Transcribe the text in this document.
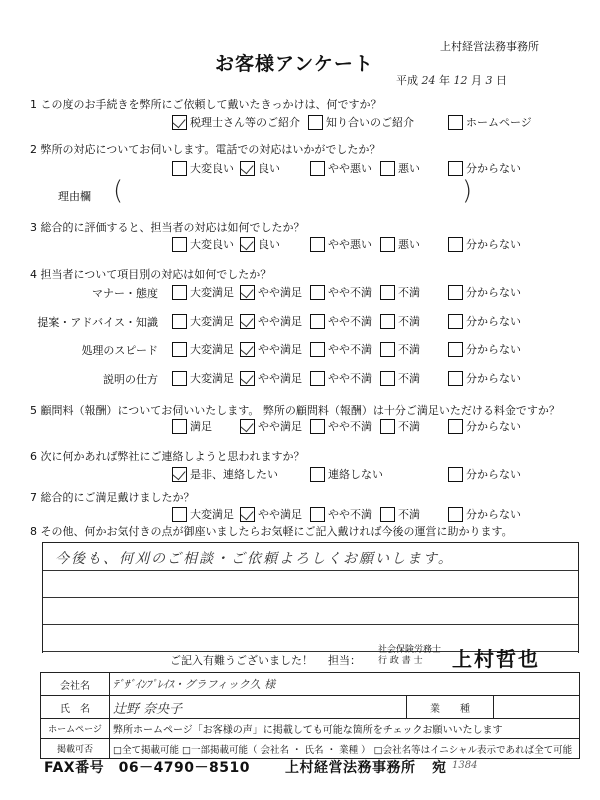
上村経営法務事務所
お客様アンケート
平成 24 年 12 月 3 日
1 この度のお手続きを弊所にご依頼して戴いたきっかけは、何ですか？
税理士さん等のご紹介 知り合いのご紹介	ホームページ
2 弊所の対応についてお伺いします。電話での対応はいかがでしたか？
大変良い 良い	やや悪い 悪い	分からない
理由欄 (	)
3 総合的に評価すると、担当者の対応は如何でしたか？
大変良い 良い	やや悪い 悪い	分からない
4 担当者について項目別の対応は如何でしたか？
マナー・態度	大変満足 やや満足 やや不満 不満	分からない
提案・アドバイス・知識	大変満足 やや満足 やや不満 不満	分からない
処理のスピード	大変満足 やや満足 やや不満 不満	分からない
説明の仕方	大変満足 やや満足 やや不満 不満	分からない
5 顧問料（報酬）についてお伺いいたします。 弊所の顧問料（報酬）は十分ご満足いただける料金ですか？
満足	やや満足 やや不満 不満	分からない
6 次に何かあれば弊社にご連絡しようと思われますか？
是非、連絡したい	連絡しない	分からない
7 総合的にご満足戴けましたか？
大変満足 やや満足 やや不満 不満	分からない
8 その他、何かお気付きの点が御座いましたらお気軽にご記入戴ければ今後の運営に助かります。
今後も、何刈のご相談・ご依頼よろしくお願いします。
ご記入有難うございました！ 担当：
社会保険労務士
行 政 書 士	上村哲也
会社名	ﾃﾞｻﾞｲﾝﾌﾟﾚｲｽ・グラフィック久 様		
氏　名	辻野 奈央子	業　　種	
ホームページ	弊所ホームページ「お客様の声」に掲載しても可能な箇所をチェックお願いいたします		
掲載可否	□全て掲載可能 □一部掲載可能（ 会社名 ・ 氏名 ・ 業種 ） □会社名等はイニシャル表示であれば全て可能		
FAX番号　06－4790－8510	上村経営法務事務所 宛 1384
